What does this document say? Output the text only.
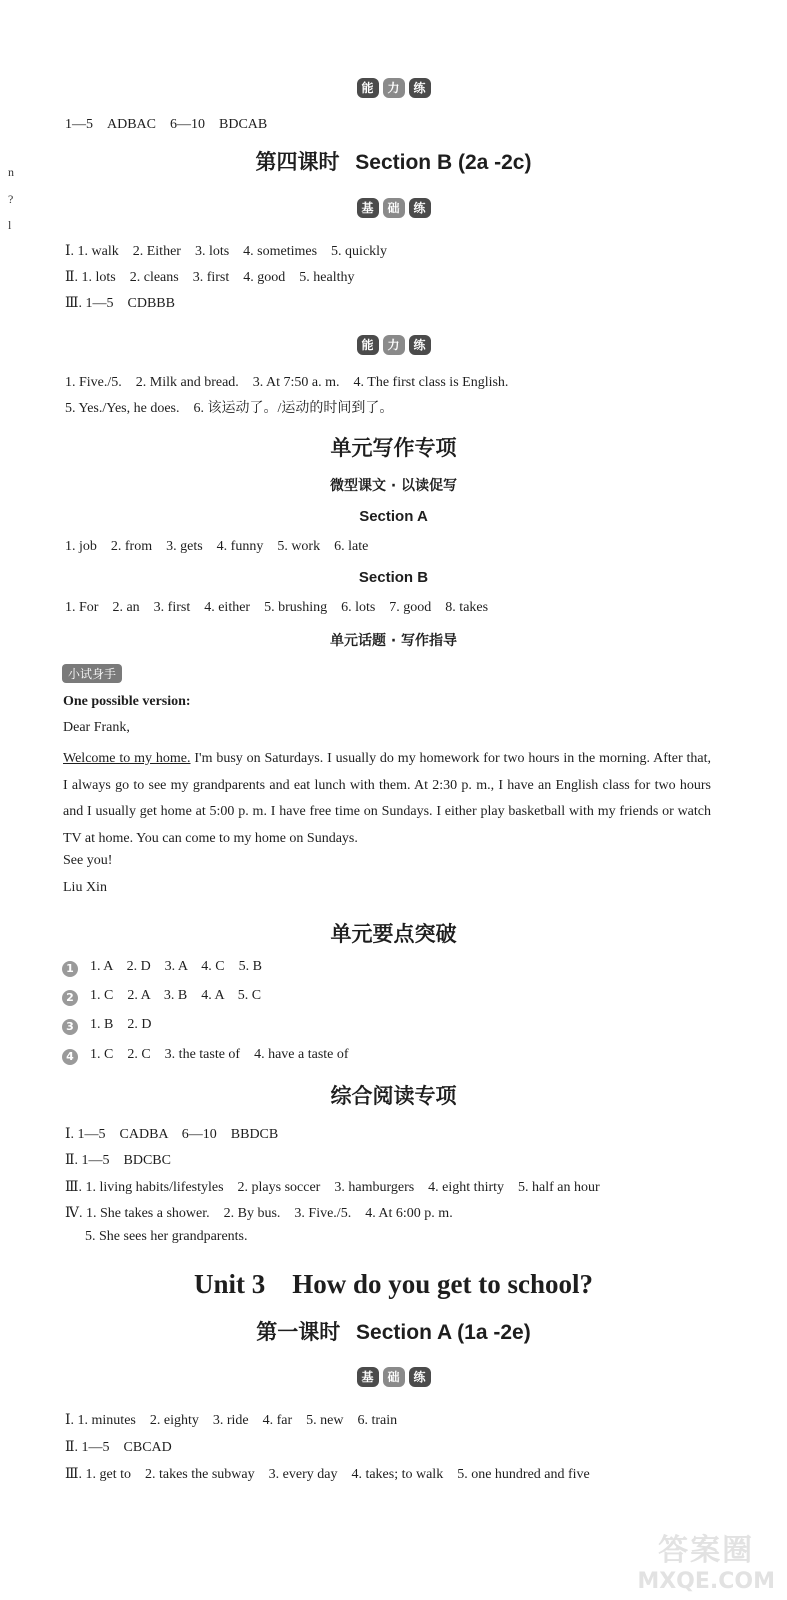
n
?
l
能	力	练
1—5　ADBAC　6—10　BDCAB
第四课时 Section B (2a -2c)
基	础	练
Ⅰ. 1. walk　2. Either　3. lots　4. sometimes　5. quickly
Ⅱ. 1. lots　2. cleans　3. first　4. good　5. healthy
Ⅲ. 1—5　CDBBB
能	力	练
1. Five./5.　2. Milk and bread.　3. At 7:50 a. m.　4. The first class is English.
5. Yes./Yes, he does.　6. 该运动了。/运动的时间到了。
单元写作专项
微型课文 · 以读促写
Section A
1. job　2. from　3. gets　4. funny　5. work　6. late
Section B
1. For　2. an　3. first　4. either　5. brushing　6. lots　7. good　8. takes
单元话题 · 写作指导
小试身手
One possible version:
Dear Frank,

Welcome to my home. I'm busy on Saturdays. I usually do my homework for two hours in the morning. After that, I always go to see my grandparents and eat lunch with them. At 2:30 p. m., I have an English class for two hours and I usually get home at 5:00 p. m. I have free time on Sundays. I either play basketball with my friends or watch TV at home. You can come to my home on Sundays.

See you!
Liu Xin
单元要点突破
1 1. A　2. D　3. A　4. C　5. B
2 1. C　2. A　3. B　4. A　5. C
3 1. B　2. D
4 1. C　2. C　3. the taste of　4. have a taste of
综合阅读专项
Ⅰ. 1—5　CADBA　6—10　BBDCB
Ⅱ. 1—5　BDCBC
Ⅲ. 1. living habits/lifestyles　2. plays soccer　3. hamburgers　4. eight thirty　5. half an hour
Ⅳ. 1. She takes a shower.　2. By bus.　3. Five./5.　4. At 6:00 p. m.
5. She sees her grandparents.
Unit 3　How do you get to school?
第一课时 Section A (1a -2e)
基	础	练
Ⅰ. 1. minutes　2. eighty　3. ride　4. far　5. new　6. train
Ⅱ. 1—5　CBCAD
Ⅲ. 1. get to　2. takes the subway　3. every day　4. takes; to walk　5. one hundred and five
答案圈
MXQE.COM
